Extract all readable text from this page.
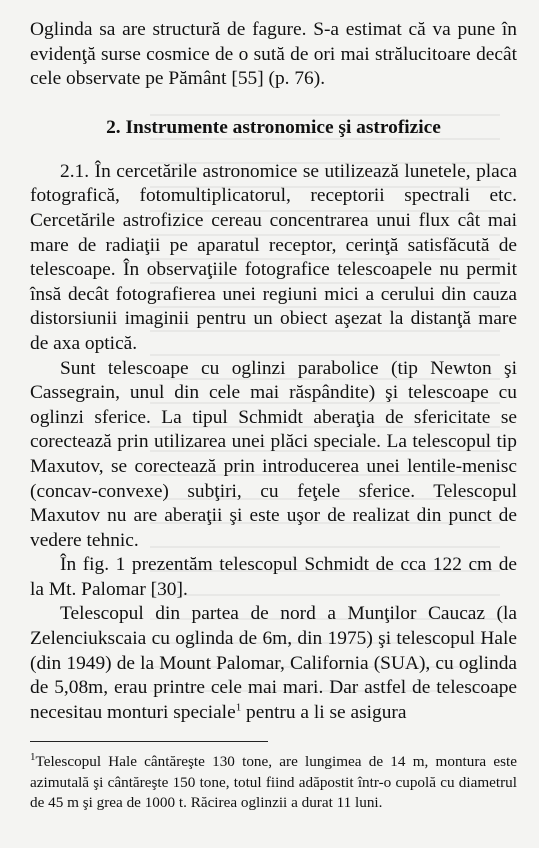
Oglinda sa are structură de fagure. S-a estimat că va pune în evidenţă surse cosmice de o sută de ori mai strălucitoare decât cele observate pe Pământ [55] (p. 76).

2. Instrumente astronomice şi astrofizice

2.1. În cercetările astronomice se utilizează lunetele, placa fotografică, fotomultiplicatorul, receptorii spectrali etc. Cercetările astrofizice cereau concentrarea unui flux cât mai mare de radiaţii pe aparatul receptor, cerinţă satisfăcută de telescoape. În observaţiile fotografice telescoapele nu permit însă decât fotografierea unei regiuni mici a cerului din cauza distorsiunii imaginii pentru un obiect aşezat la distanţă mare de axa optică.

Sunt telescoape cu oglinzi parabolice (tip Newton şi Cassegrain, unul din cele mai răspândite) şi telescoape cu oglinzi sferice. La tipul Schmidt aberaţia de sfericitate se corectează prin utilizarea unei plăci speciale. La telescopul tip Maxutov, se corectează prin introducerea unei lentile-menisc (concav-convexe) subţiri, cu feţele sferice. Telescopul Maxutov nu are aberaţii şi este uşor de realizat din punct de vedere tehnic.

În fig. 1 prezentăm telescopul Schmidt de cca 122 cm de la Mt. Palomar [30].

Telescopul din partea de nord a Munţilor Caucaz (la Zelenciukscaia cu oglinda de 6m, din 1975) şi telescopul Hale (din 1949) de la Mount Palomar, California (SUA), cu oglinda de 5,08m, erau printre cele mai mari. Dar astfel de telescoape necesitau monturi speciale$^1$ pentru a li se asigura

$^1$Telescopul Hale cântăreşte 130 tone, are lungimea de 14 m, montura este azimutală şi cântăreşte 150 tone, totul fiind adăpostit într-o cupolă cu diametrul de 45 m şi grea de 1000 t. Răcirea oglinzii a durat 11 luni.
